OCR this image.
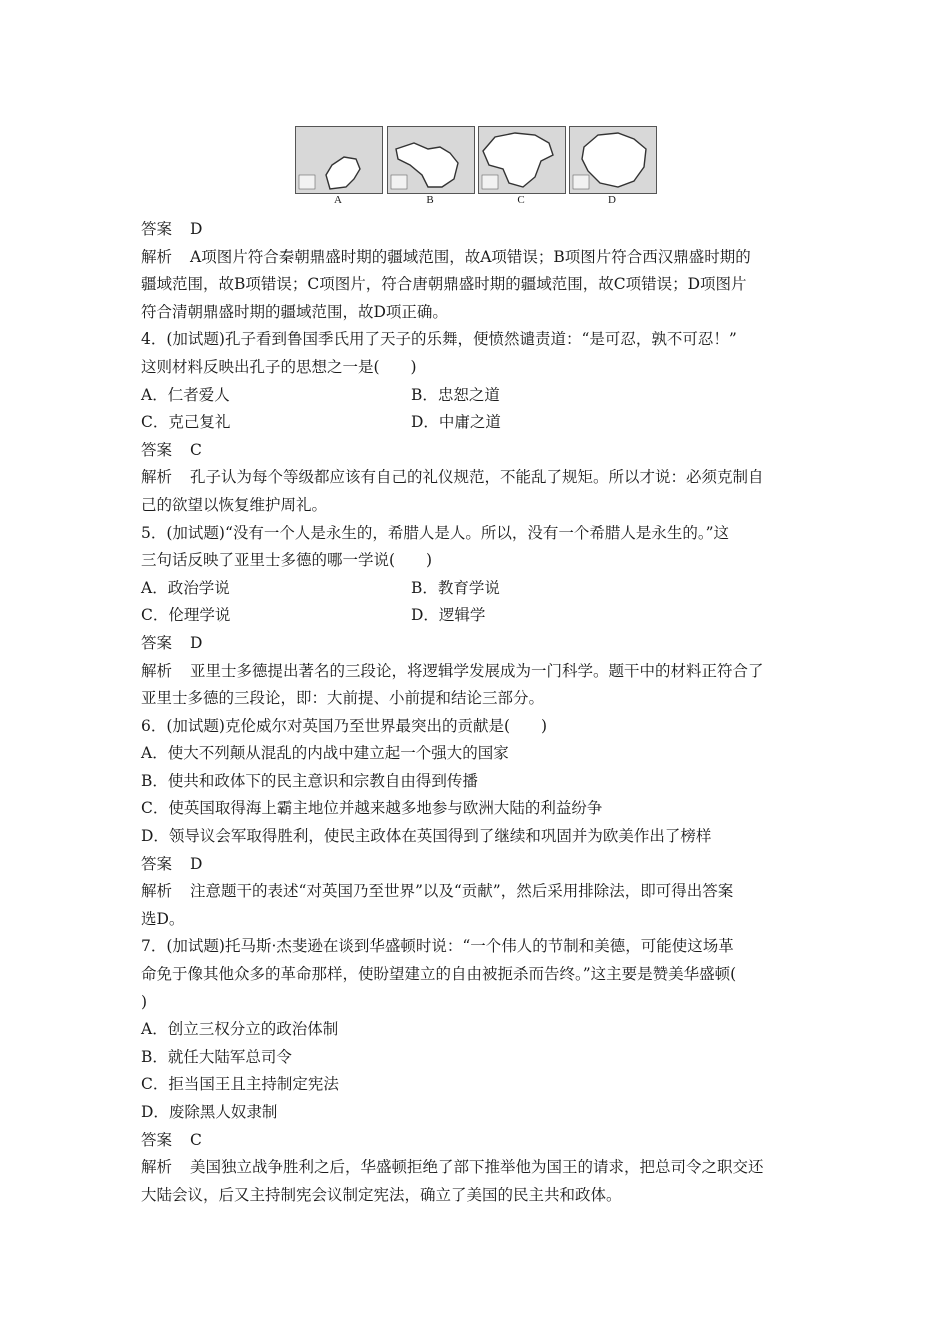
A	B	C	D
答案 D
解析 A项图片符合秦朝鼎盛时期的疆域范围，故A项错误；B项图片符合西汉鼎盛时期的
疆域范围，故B项错误；C项图片，符合唐朝鼎盛时期的疆域范围，故C项错误；D项图片
符合清朝鼎盛时期的疆域范围，故D项正确。
4．(加试题)孔子看到鲁国季氏用了天子的乐舞，便愤然谴责道：“是可忍，孰不可忍！”
这则材料反映出孔子的思想之一是(　　)
A．仁者爱人	B．忠恕之道
C．克己复礼	D．中庸之道
答案 C
解析 孔子认为每个等级都应该有自己的礼仪规范，不能乱了规矩。所以才说：必须克制自
己的欲望以恢复维护周礼。
5．(加试题)“没有一个人是永生的，希腊人是人。所以，没有一个希腊人是永生的。”这
三句话反映了亚里士多德的哪一学说(　　)
A．政治学说	B．教育学说
C．伦理学说	D．逻辑学
答案 D
解析 亚里士多德提出著名的三段论，将逻辑学发展成为一门科学。题干中的材料正符合了
亚里士多德的三段论，即：大前提、小前提和结论三部分。
6．(加试题)克伦威尔对英国乃至世界最突出的贡献是(　　)
A．使大不列颠从混乱的内战中建立起一个强大的国家
B．使共和政体下的民主意识和宗教自由得到传播
C．使英国取得海上霸主地位并越来越多地参与欧洲大陆的利益纷争
D．领导议会军取得胜利，使民主政体在英国得到了继续和巩固并为欧美作出了榜样
答案 D
解析 注意题干的表述“对英国乃至世界”以及“贡献”，然后采用排除法，即可得出答案
选D。
7．(加试题)托马斯·杰斐逊在谈到华盛顿时说：“一个伟人的节制和美德，可能使这场革
命免于像其他众多的革命那样，使盼望建立的自由被扼杀而告终。”这主要是赞美华盛顿(
)
A．创立三权分立的政治体制
B．就任大陆军总司令
C．拒当国王且主持制定宪法
D．废除黑人奴隶制
答案 C
解析 美国独立战争胜利之后，华盛顿拒绝了部下推举他为国王的请求，把总司令之职交还
大陆会议，后又主持制宪会议制定宪法，确立了美国的民主共和政体。
